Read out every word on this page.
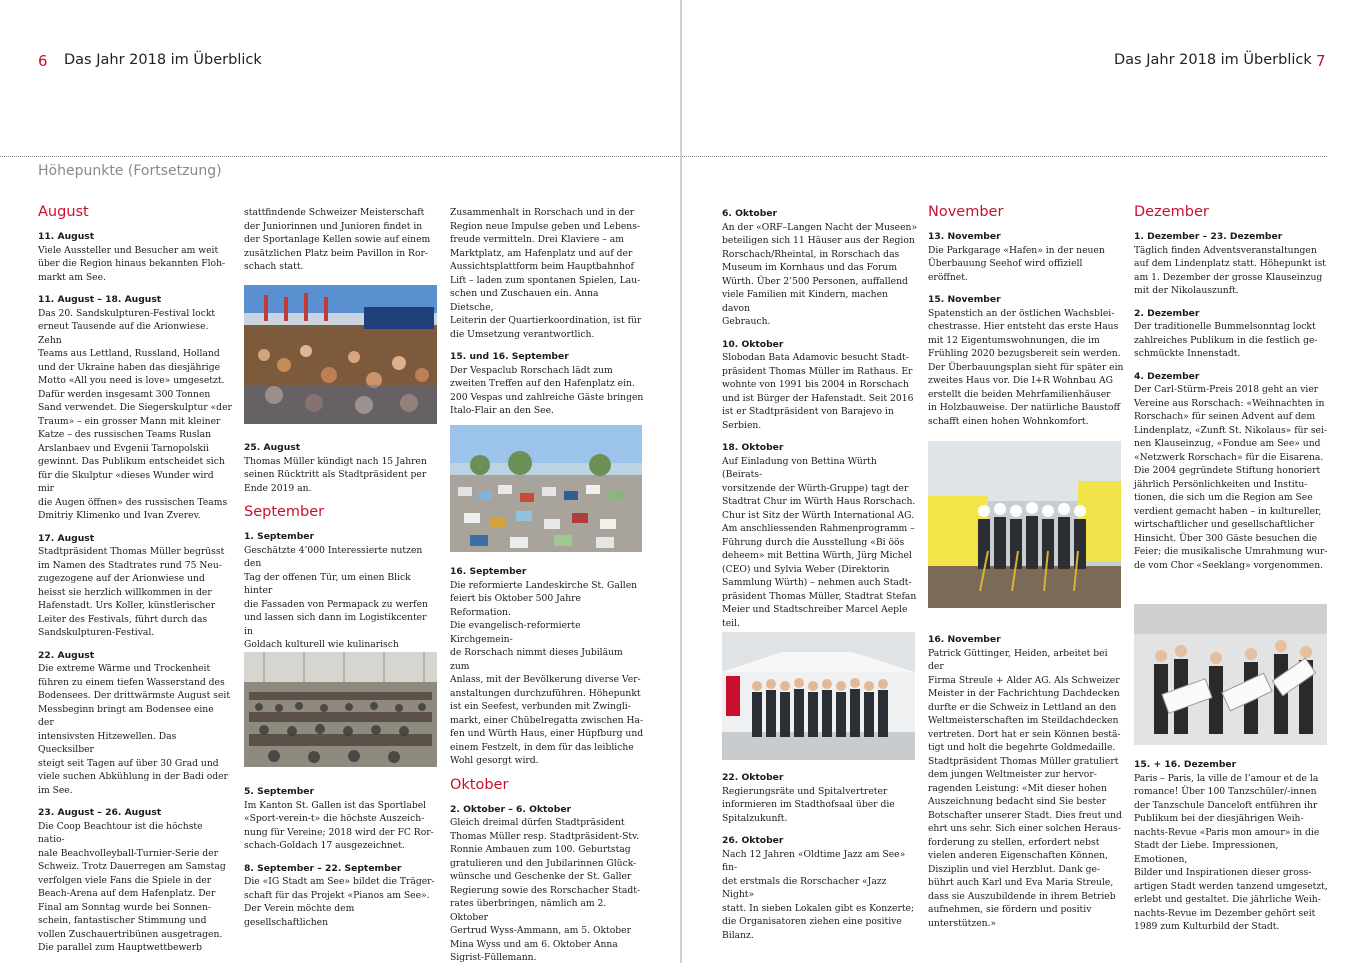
6 Das Jahr 2018 im Überblick
Höhepunkte (Fortsetzung)
August
11. August
Viele Aussteller und Besucher am weit
über die Region hinaus bekannten Floh-
markt am See.
11. August – 18. August
Das 20. Sandskulpturen-Festival lockt
erneut Tausende auf die Arionwiese. Zehn
Teams aus Lettland, Russland, Holland
und der Ukraine haben das diesjährige
Motto «All you need is love» umgesetzt.
Dafür werden insgesamt 300 Tonnen
Sand verwendet. Die Siegerskulptur «der
Traum» – ein grosser Mann mit kleiner
Katze – des russischen Teams Ruslan
Arslanbaev und Evgenii Tarnopolskii
gewinnt. Das Publikum entscheidet sich
für die Skulptur «dieses Wunder wird mir
die Augen öffnen» des russischen Teams
Dmitriy Klimenko und Ivan Zverev.
17. August
Stadtpräsident Thomas Müller begrüsst
im Namen des Stadtrates rund 75 Neu-
zugezogene auf der Arionwiese und
heisst sie herzlich willkommen in der
Hafenstadt. Urs Koller, künstlerischer
Leiter des Festivals, führt durch das
Sandskulpturen-Festival.
22. August
Die extreme Wärme und Trockenheit
führen zu einem tiefen Wasserstand des
Bodensees. Der drittwärmste August seit
Messbeginn bringt am Bodensee eine der
intensivsten Hitzewellen. Das Quecksilber
steigt seit Tagen auf über 30 Grad und
viele suchen Abkühlung in der Badi oder
im See.
23. August – 26. August
Die Coop Beachtour ist die höchste natio-
nale Beachvolleyball-Turnier-Serie der
Schweiz. Trotz Dauerregen am Samstag
verfolgen viele Fans die Spiele in der
Beach-Arena auf dem Hafenplatz. Der
Final am Sonntag wurde bei Sonnen-
schein, fantastischer Stimmung und
vollen Zuschauertribünen ausgetragen.
Die parallel zum Hauptwettbewerb
stattfindende Schweizer Meisterschaft
der Juniorinnen und Junioren findet in
der Sportanlage Kellen sowie auf einem
zusätzlichen Platz beim Pavillon in Ror-
schach statt.
25. August
Thomas Müller kündigt nach 15 Jahren
seinen Rücktritt als Stadtpräsident per
Ende 2019 an.
September
1. September
Geschätzte 4’000 Interessierte nutzen den
Tag der offenen Tür, um einen Blick hinter
die Fassaden von Permapack zu werfen
und lassen sich dann im Logistikcenter in
Goldach kulturell wie kulinarisch

5. September
Im Kanton St. Gallen ist das Sportlabel
«Sport-verein-t» die höchste Auszeich-
nung für Vereine; 2018 wird der FC Ror-
schach-Goldach 17 ausgezeichnet.
8. September – 22. September
Die «IG Stadt am See» bildet die Träger-
schaft für das Projekt «Pianos am See».
Der Verein möchte dem gesellschaftlichen
Zusammenhalt in Rorschach und in der
Region neue Impulse geben und Lebens-
freude vermitteln. Drei Klaviere – am
Marktplatz, am Hafenplatz und auf der
Aussichtsplattform beim Hauptbahnhof
Lift – laden zum spontanen Spielen, Lau-
schen und Zuschauen ein. Anna Dietsche,
Leiterin der Quartierkoordination, ist für
die Umsetzung verantwortlich.
15. und 16. September
Der Vespaclub Rorschach lädt zum
zweiten Treffen auf den Hafenplatz ein.
200 Vespas und zahlreiche Gäste bringen
Italo-Flair an den See.
16. September
Die reformierte Landeskirche St. Gallen
feiert bis Oktober 500 Jahre Reformation.
Die evangelisch-reformierte Kirchgemein-
de Rorschach nimmt dieses Jubiläum zum
Anlass, mit der Bevölkerung diverse Ver-
anstaltungen durchzuführen. Höhepunkt
ist ein Seefest, verbunden mit Zwingli-
markt, einer Chübelregatta zwischen Ha-
fen und Würth Haus, einer Hüpfburg und
einem Festzelt, in dem für das leibliche
Wohl gesorgt wird.
Oktober
2. Oktober – 6. Oktober
Gleich dreimal dürfen Stadtpräsident
Thomas Müller resp. Stadtpräsident-Stv.
Ronnie Ambauen zum 100. Geburtstag
gratulieren und den Jubilarinnen Glück-
wünsche und Geschenke der St. Galler
Regierung sowie des Rorschacher Stadt-
rates überbringen, nämlich am 2. Oktober
Gertrud Wyss-Ammann, am 5. Oktober
Mina Wyss und am 6. Oktober Anna
Sigrist-Füllemann.
Das Jahr 2018 im Überblick 7
6. Oktober
An der «ORF–Langen Nacht der Museen»
beteiligen sich 11 Häuser aus der Region
Rorschach/Rheintal, in Rorschach das
Museum im Kornhaus und das Forum
Würth. Über 2’500 Personen, auffallend
viele Familien mit Kindern, machen davon
Gebrauch.
10. Oktober
Slobodan Bata Adamovic besucht Stadt-
präsident Thomas Müller im Rathaus. Er
wohnte von 1991 bis 2004 in Rorschach
und ist Bürger der Hafenstadt. Seit 2016
ist er Stadtpräsident von Barajevo in
Serbien.
18. Oktober
Auf Einladung von Bettina Würth (Beirats-
vorsitzende der Würth-Gruppe) tagt der
Stadtrat Chur im Würth Haus Rorschach.
Chur ist Sitz der Würth International AG.
Am anschliessenden Rahmenprogramm –
Führung durch die Ausstellung «Bi öös
deheem» mit Bettina Würth, Jürg Michel
(CEO) und Sylvia Weber (Direktorin
Sammlung Würth) – nehmen auch Stadt-
präsident Thomas Müller, Stadtrat Stefan
Meier und Stadtschreiber Marcel Aeple
teil.
22. Oktober
Regierungsräte und Spitalvertreter
informieren im Stadthofsaal über die
Spitalzukunft.
26. Oktober
Nach 12 Jahren «Oldtime Jazz am See» fin-
det erstmals die Rorschacher «Jazz Night»
statt. In sieben Lokalen gibt es Konzerte;
die Organisatoren ziehen eine positive
Bilanz.
November
13. November
Die Parkgarage «Hafen» in der neuen
Überbauung Seehof wird offiziell eröffnet.
15. November
Spatenstich an der östlichen Wachsblei-
chestrasse. Hier entsteht das erste Haus
mit 12 Eigentumswohnungen, die im
Frühling 2020 bezugsbereit sein werden.
Der Überbauungsplan sieht für später ein
zweites Haus vor. Die I+R Wohnbau AG
erstellt die beiden Mehrfamilienhäuser
in Holzbauweise. Der natürliche Baustoff
schafft einen hohen Wohnkomfort.
16. November
Patrick Güttinger, Heiden, arbeitet bei der
Firma Streule + Alder AG. Als Schweizer
Meister in der Fachrichtung Dachdecken
durfte er die Schweiz in Lettland an den
Weltmeisterschaften im Steildachdecken
vertreten. Dort hat er sein Können bestä-
tigt und holt die begehrte Goldmedaille.
Stadtpräsident Thomas Müller gratuliert
dem jungen Weltmeister zur hervor-
ragenden Leistung: «Mit dieser hohen
Auszeichnung bedacht sind Sie bester
Botschafter unserer Stadt. Dies freut und
ehrt uns sehr. Sich einer solchen Heraus-
forderung zu stellen, erfordert nebst
vielen anderen Eigenschaften Können,
Disziplin und viel Herzblut. Dank ge-
bührt auch Karl und Eva Maria Streule,
dass sie Auszubildende in ihrem Betrieb
aufnehmen, sie fördern und positiv
unterstützen.»
Dezember
1. Dezember – 23. Dezember
Täglich finden Adventsveranstaltungen
auf dem Lindenplatz statt. Höhepunkt ist
am 1. Dezember der grosse Klauseinzug
mit der Nikolauszunft.
2. Dezember
Der traditionelle Bummelsonntag lockt
zahlreiches Publikum in die festlich ge-
schmückte Innenstadt.
4. Dezember
Der Carl-Stürm-Preis 2018 geht an vier
Vereine aus Rorschach: «Weihnachten in
Rorschach» für seinen Advent auf dem
Lindenplatz, «Zunft St. Nikolaus» für sei-
nen Klauseinzug, «Fondue am See» und
«Netzwerk Rorschach» für die Eisarena.
Die 2004 gegründete Stiftung honoriert
jährlich Persönlichkeiten und Institu-
tionen, die sich um die Region am See
verdient gemacht haben – in kultureller,
wirtschaftlicher und gesellschaftlicher
Hinsicht. Über 300 Gäste besuchen die
Feier; die musikalische Umrahmung wur-
de vom Chor «Seeklang» vorgenommen.
15. + 16. Dezember
Paris – Paris, la ville de l’amour et de la
romance! Über 100 Tanzschüler/-innen
der Tanzschule Danceloft entführen ihr
Publikum bei der diesjährigen Weih-
nachts-Revue «Paris mon amour» in die
Stadt der Liebe. Impressionen, Emotionen,
Bilder und Inspirationen dieser gross-
artigen Stadt werden tanzend umgesetzt,
erlebt und gestaltet. Die jährliche Weih-
nachts-Revue im Dezember gehört seit
1989 zum Kulturbild der Stadt.
